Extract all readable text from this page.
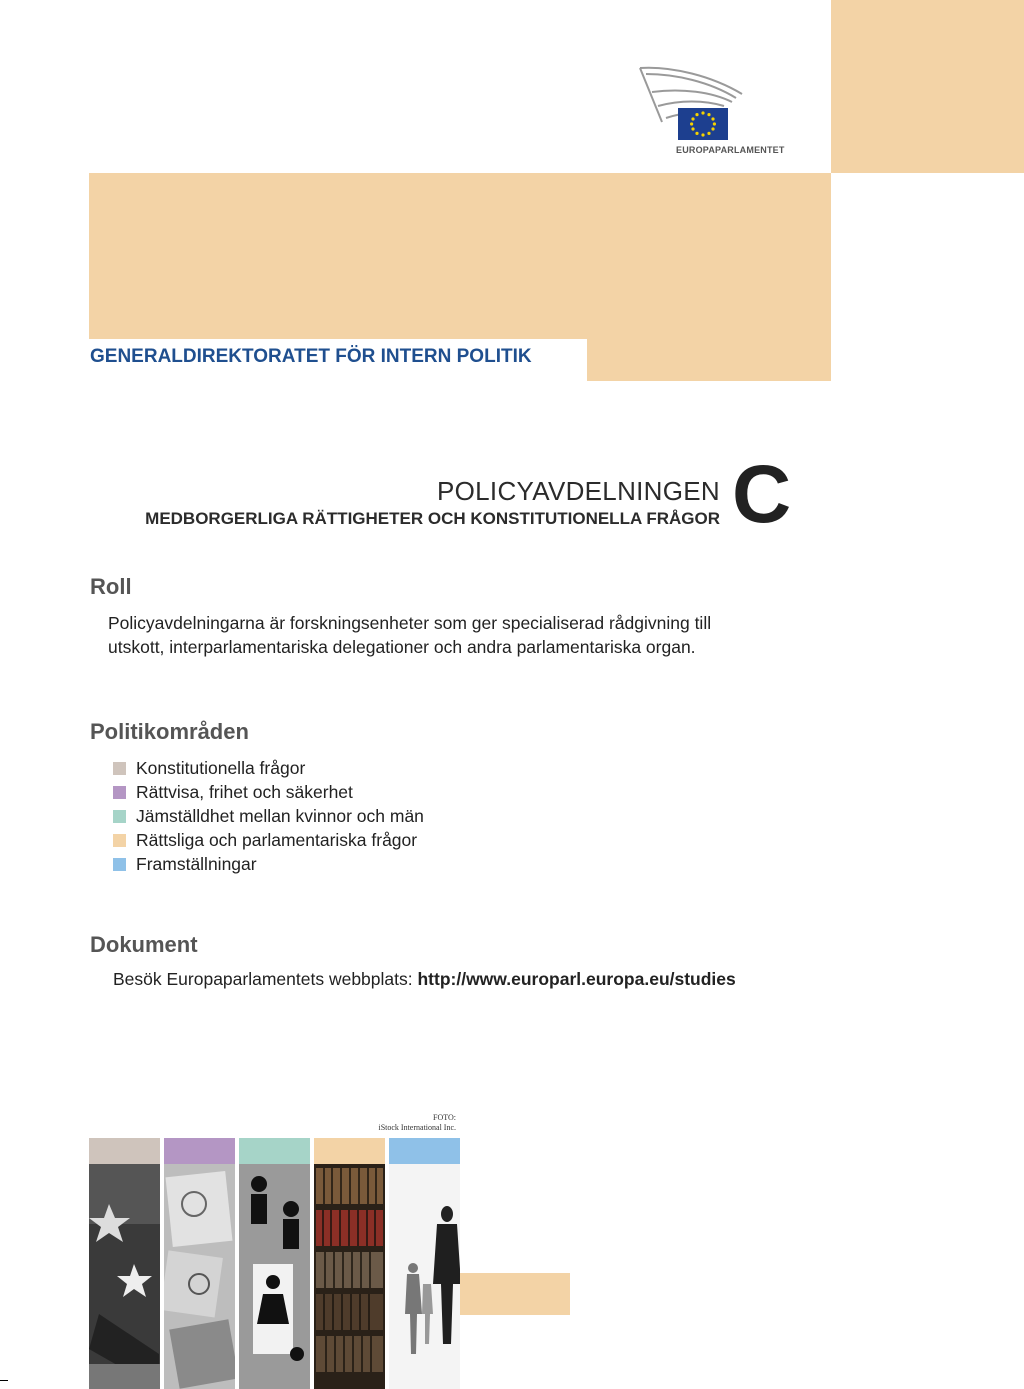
EUROPAPARLAMENTET
GENERALDIREKTORATET FÖR INTERN POLITIK
POLICYAVDELNINGEN
MEDBORGERLIGA RÄTTIGHETER OCH KONSTITUTIONELLA FRÅGOR C
Roll
Policyavdelningarna är forskningsenheter som ger specialiserad rådgivning till
utskott, interparlamentariska delegationer och andra parlamentariska organ.
Politikområden
Konstitutionella frågor
Rättvisa, frihet och säkerhet
Jämställdhet mellan kvinnor och män
Rättsliga och parlamentariska frågor
Framställningar
Dokument
Besök Europaparlamentets webbplats: http://www.europarl.europa.eu/studies
FOTO:
iStock International Inc.
